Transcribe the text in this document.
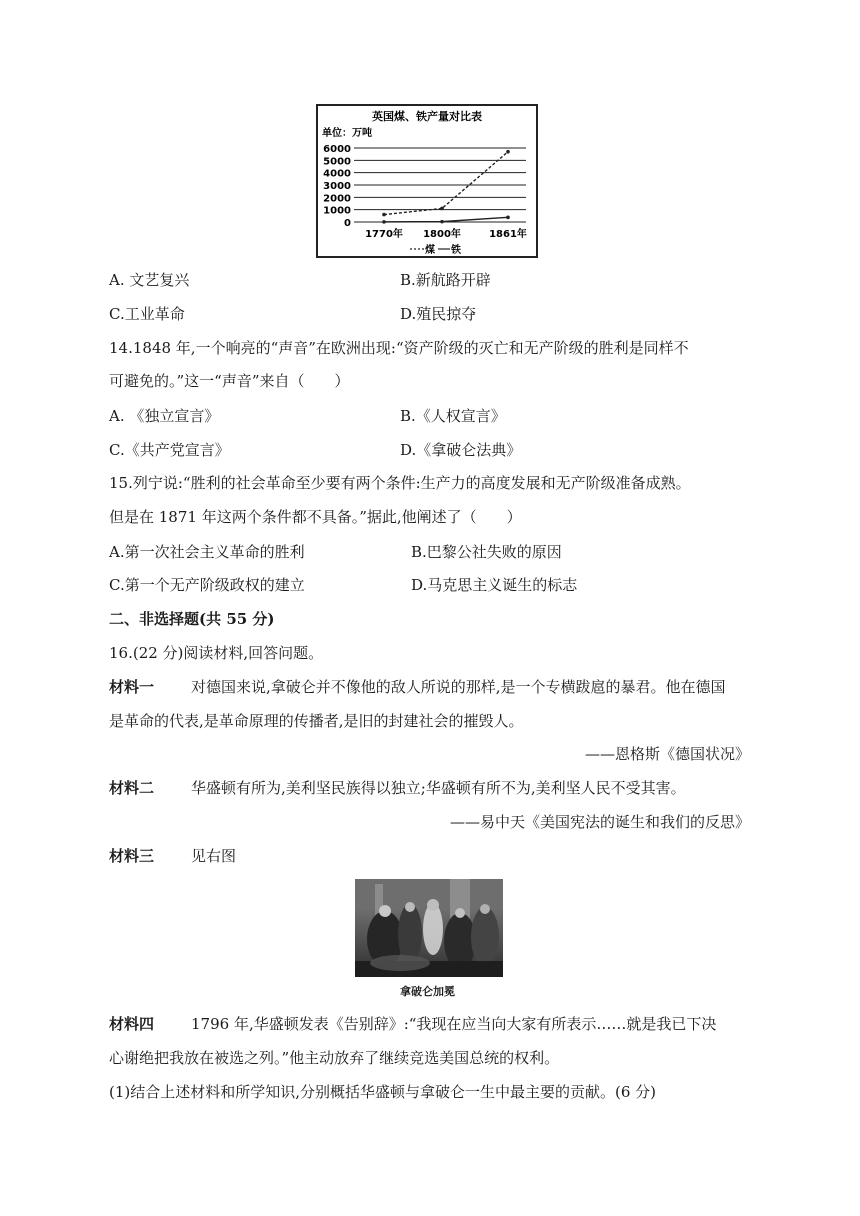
英国煤、铁产量对比表
单位：万吨
6000
5000
4000
3000
2000
1000
0
1770年 1800年	1861年
煤 铁
A. 文艺复兴	B.新航路开辟
C.工业革命	D.殖民掠夺
14.1848 年,一个响亮的“声音”在欧洲出现:“资产阶级的灭亡和无产阶级的胜利是同样不
可避免的。”这一“声音”来自（　　）
A. 《独立宣言》	B.《人权宣言》
C.《共产党宣言》	D.《拿破仑法典》
15.列宁说:“胜利的社会革命至少要有两个条件:生产力的高度发展和无产阶级准备成熟。
但是在 1871 年这两个条件都不具备。”据此,他阐述了（　　）
A.第一次社会主义革命的胜利	B.巴黎公社失败的原因
C.第一个无产阶级政权的建立	D.马克思主义诞生的标志
二、非选择题(共 55 分)
16.(22 分)阅读材料,回答问题。
材料一 对德国来说,拿破仑并不像他的敌人所说的那样,是一个专横跋扈的暴君。他在德国
是革命的代表,是革命原理的传播者,是旧的封建社会的摧毁人。
——恩格斯《德国状况》
材料二 华盛顿有所为,美利坚民族得以独立;华盛顿有所不为,美利坚人民不受其害。
——易中天《美国宪法的诞生和我们的反思》
材料三 见右图
拿破仑加冕
材料四 1796 年,华盛顿发表《告别辞》:“我现在应当向大家有所表示……就是我已下决
心谢绝把我放在被选之列。”他主动放弃了继续竞选美国总统的权利。
(1)结合上述材料和所学知识,分别概括华盛顿与拿破仑一生中最主要的贡献。(6 分)
